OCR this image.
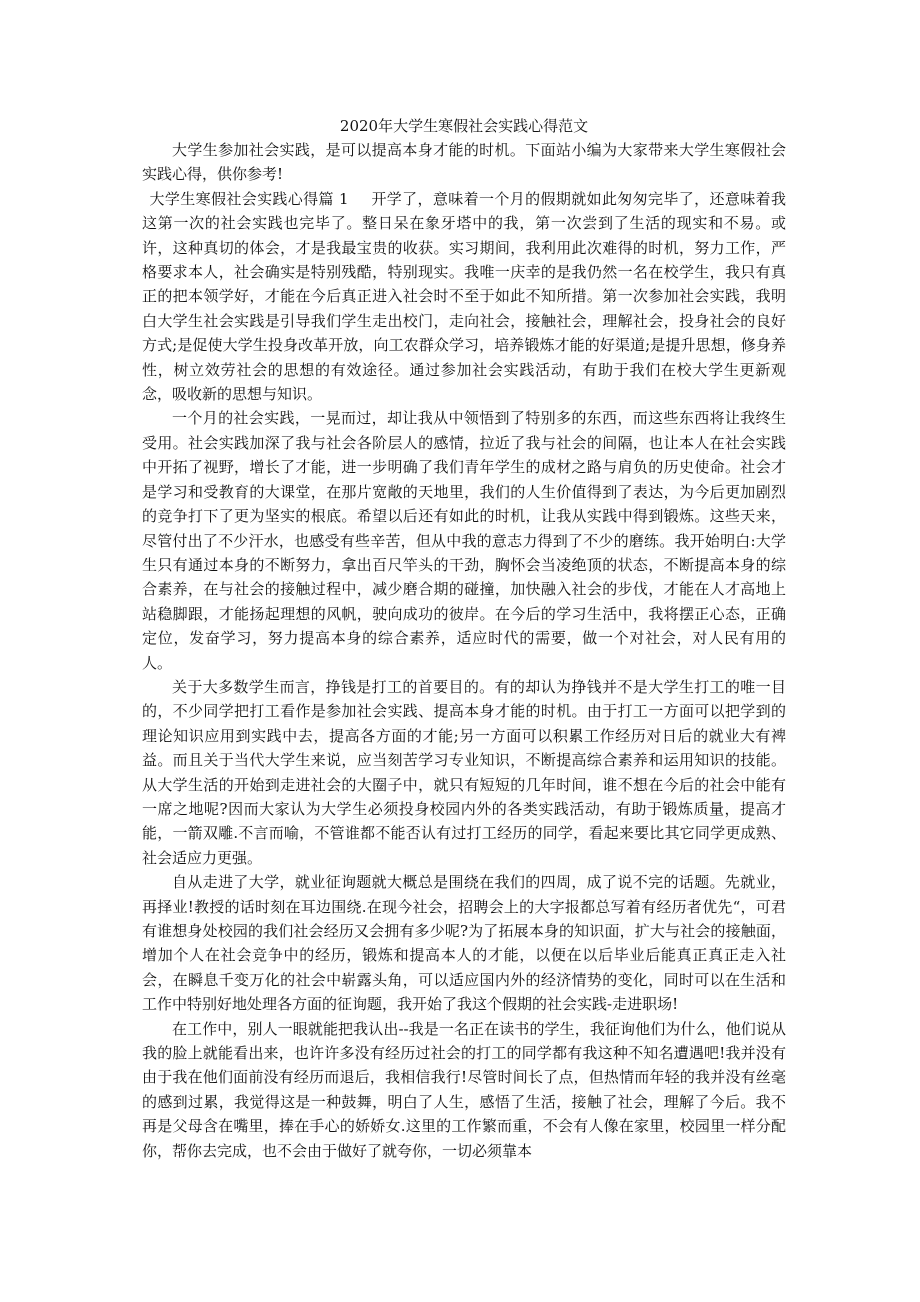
2020年大学生寒假社会实践心得范文

大学生参加社会实践，是可以提高本身才能的时机。下面站小编为大家带来大学生寒假社会实践心得，供你参考!

大学生寒假社会实践心得篇 1 开学了，意味着一个月的假期就如此匆匆完毕了，还意味着我这第一次的社会实践也完毕了。整日呆在象牙塔中的我，第一次尝到了生活的现实和不易。或许，这种真切的体会，才是我最宝贵的收获。实习期间，我利用此次难得的时机，努力工作，严格要求本人，社会确实是特别残酷，特别现实。我唯一庆幸的是我仍然一名在校学生，我只有真正的把本领学好，才能在今后真正进入社会时不至于如此不知所措。第一次参加社会实践，我明白大学生社会实践是引导我们学生走出校门，走向社会，接触社会，理解社会，投身社会的良好方式;是促使大学生投身改革开放，向工农群众学习，培养锻炼才能的好渠道;是提升思想，修身养性，树立效劳社会的思想的有效途径。通过参加社会实践活动，有助于我们在校大学生更新观念，吸收新的思想与知识。

一个月的社会实践，一晃而过，却让我从中领悟到了特别多的东西，而这些东西将让我终生受用。社会实践加深了我与社会各阶层人的感情，拉近了我与社会的间隔，也让本人在社会实践中开拓了视野，增长了才能，进一步明确了我们青年学生的成材之路与肩负的历史使命。社会才是学习和受教育的大课堂，在那片宽敞的天地里，我们的人生价值得到了表达，为今后更加剧烈的竞争打下了更为坚实的根底。希望以后还有如此的时机，让我从实践中得到锻炼。这些天来，尽管付出了不少汗水，也感受有些辛苦，但从中我的意志力得到了不少的磨练。我开始明白:大学生只有通过本身的不断努力，拿出百尺竿头的干劲，胸怀会当凌绝顶的状态，不断提高本身的综合素养，在与社会的接触过程中，减少磨合期的碰撞，加快融入社会的步伐，才能在人才高地上站稳脚跟，才能扬起理想的风帆，驶向成功的彼岸。在今后的学习生活中，我将摆正心态，正确定位，发奋学习，努力提高本身的综合素养，适应时代的需要，做一个对社会，对人民有用的人。

关于大多数学生而言，挣钱是打工的首要目的。有的却认为挣钱并不是大学生打工的唯一目的，不少同学把打工看作是参加社会实践、提高本身才能的时机。由于打工一方面可以把学到的理论知识应用到实践中去，提高各方面的才能;另一方面可以积累工作经历对日后的就业大有裨益。而且关于当代大学生来说，应当刻苦学习专业知识，不断提高综合素养和运用知识的技能。从大学生活的开始到走进社会的大圈子中，就只有短短的几年时间，谁不想在今后的社会中能有一席之地呢?因而大家认为大学生必须投身校园内外的各类实践活动，有助于锻炼质量，提高才能，一箭双雕.不言而喻，不管谁都不能否认有过打工经历的同学，看起来要比其它同学更成熟、社会适应力更强。

自从走进了大学，就业征询题就大概总是围绕在我们的四周，成了说不完的话题。先就业，再择业!教授的话时刻在耳边围绕.在现今社会，招聘会上的大字报都总写着有经历者优先“，可君有谁想身处校园的我们社会经历又会拥有多少呢?为了拓展本身的知识面，扩大与社会的接触面，增加个人在社会竞争中的经历，锻炼和提高本人的才能，以便在以后毕业后能真正真正走入社会，在瞬息千变万化的社会中崭露头角，可以适应国内外的经济情势的变化，同时可以在生活和工作中特别好地处理各方面的征询题，我开始了我这个假期的社会实践-走进职场!

在工作中，别人一眼就能把我认出--我是一名正在读书的学生，我征询他们为什么，他们说从我的脸上就能看出来，也许许多没有经历过社会的打工的同学都有我这种不知名遭遇吧!我并没有由于我在他们面前没有经历而退后，我相信我行!尽管时间长了点，但热情而年轻的我并没有丝毫的感到过累，我觉得这是一种鼓舞，明白了人生，感悟了生活，接触了社会，理解了今后。我不再是父母含在嘴里，捧在手心的娇娇女.这里的工作繁而重，不会有人像在家里，校园里一样分配你，帮你去完成，也不会由于做好了就夸你，一切必须靠本
